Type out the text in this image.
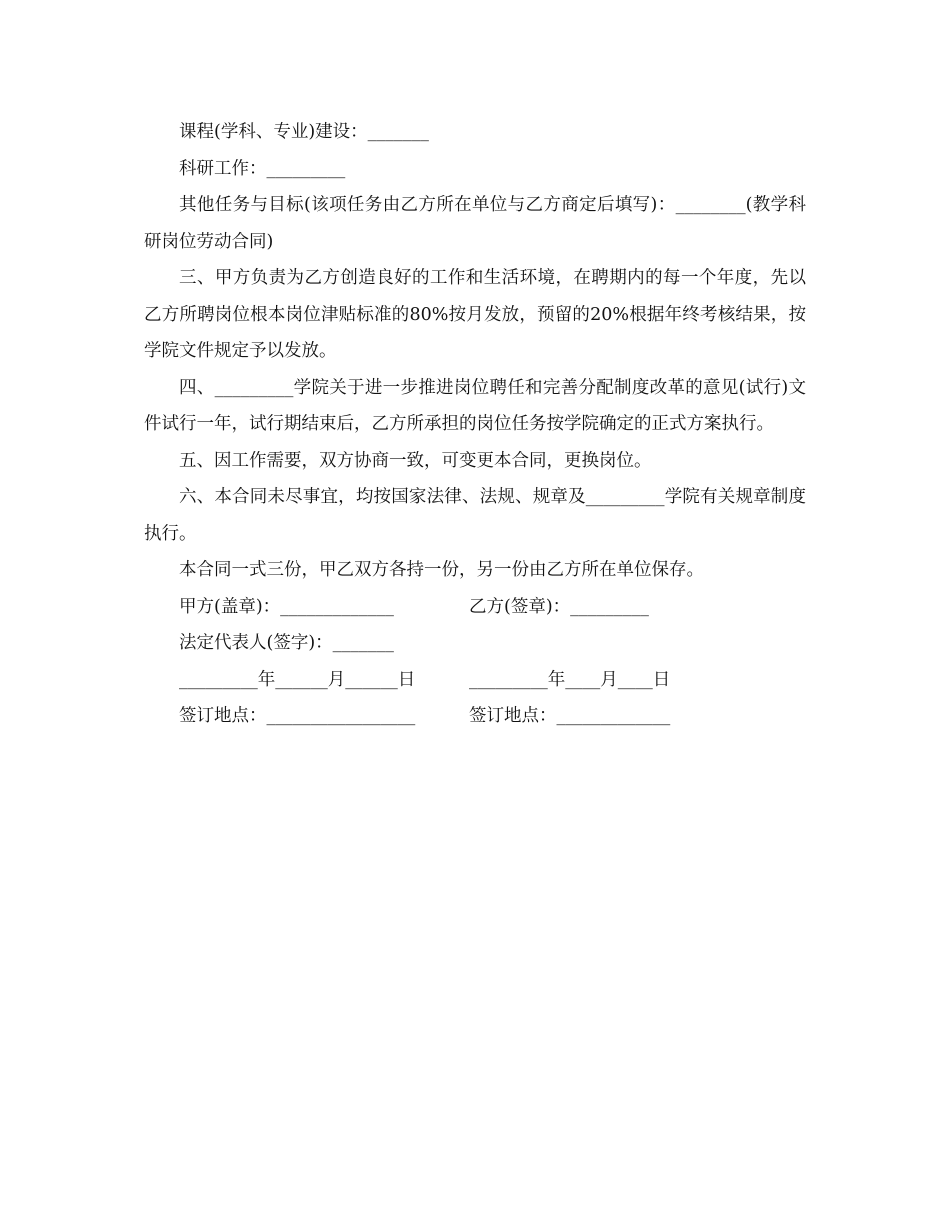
课程(学科、专业)建设：_______

科研工作：_________

其他任务与目标(该项任务由乙方所在单位与乙方商定后填写)：________(教学科研岗位劳动合同)

三、甲方负责为乙方创造良好的工作和生活环境，在聘期内的每一个年度，先以乙方所聘岗位根本岗位津贴标准的80%按月发放，预留的20%根据年终考核结果，按学院文件规定予以发放。

四、_________学院关于进一步推进岗位聘任和完善分配制度改革的意见(试行)文件试行一年，试行期结束后，乙方所承担的岗位任务按学院确定的正式方案执行。

五、因工作需要，双方协商一致，可变更本合同，更换岗位。

六、本合同未尽事宜，均按国家法律、法规、规章及_________学院有关规章制度执行。

本合同一式三份，甲乙双方各持一份，另一份由乙方所在单位保存。

甲方(盖章)：_____________	乙方(签章)：_________

法定代表人(签字)：_______

_________年______月______日	_________年____月____日
签订地点：_________________	签订地点：_____________
